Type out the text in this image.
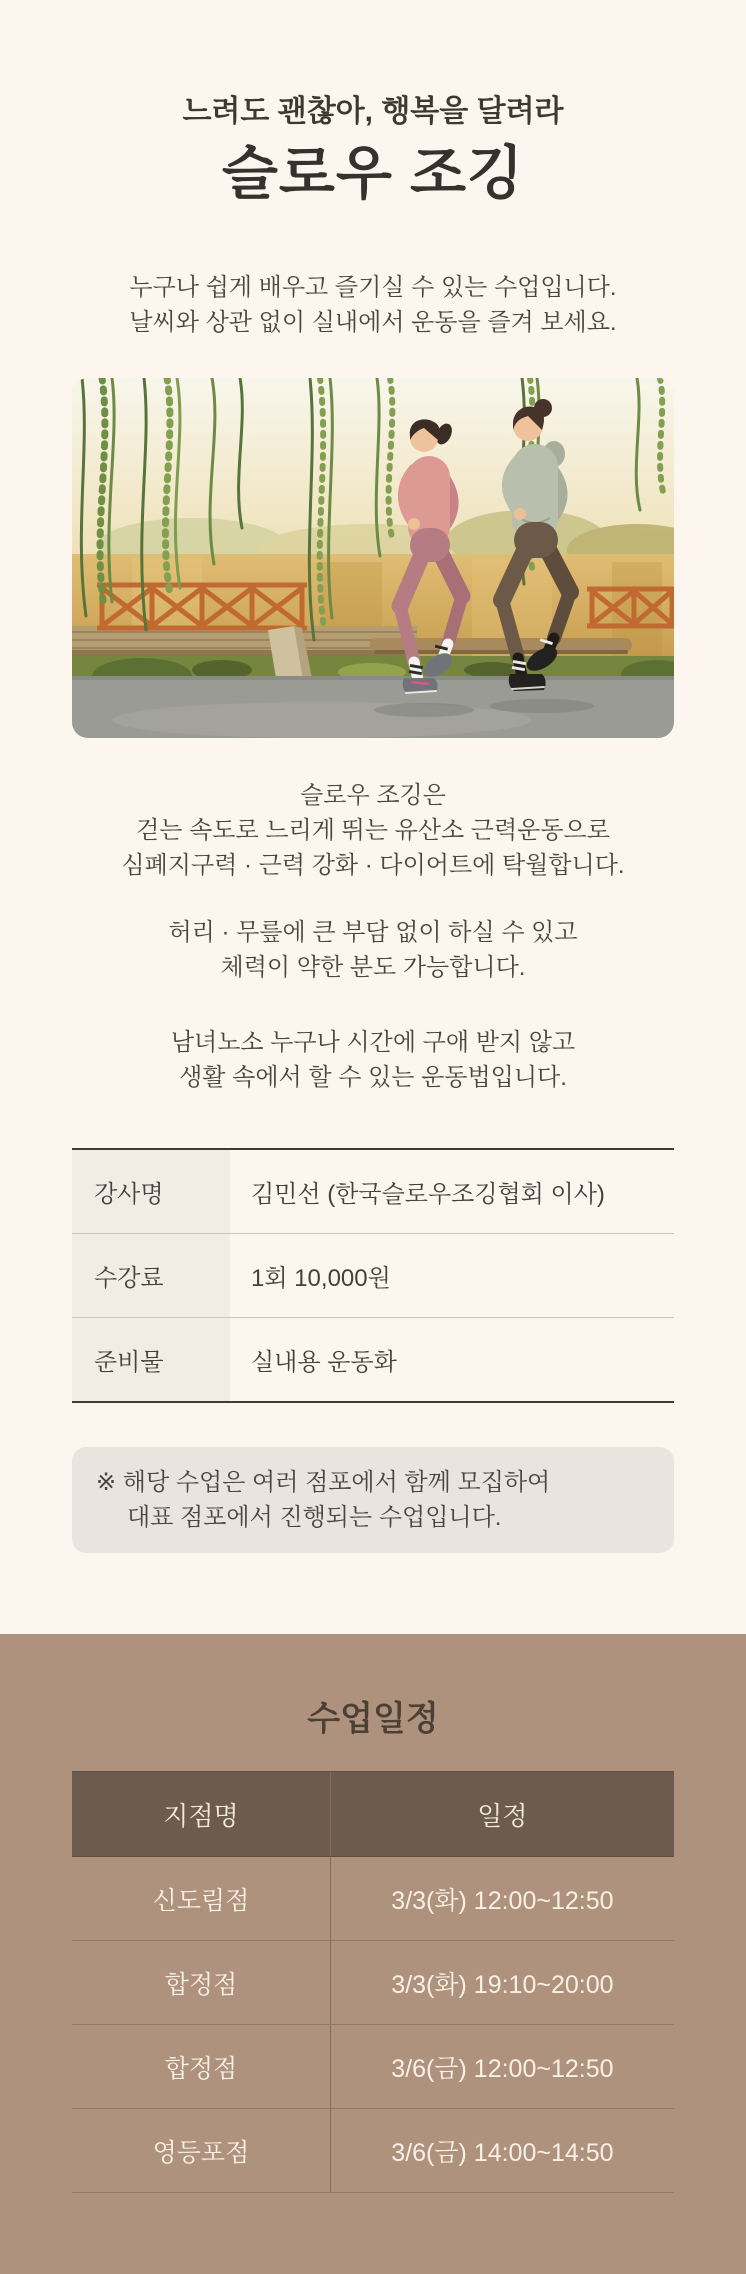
느려도 괜찮아, 행복을 달려라
슬로우 조깅

누구나 쉽게 배우고 즐기실 수 있는 수업입니다.
날씨와 상관 없이 실내에서 운동을 즐겨 보세요.

슬로우 조깅은
걷는 속도로 느리게 뛰는 유산소 근력운동으로
심폐지구력 · 근력 강화 · 다이어트에 탁월합니다.
허리 · 무릎에 큰 부담 없이 하실 수 있고
체력이 약한 분도 가능합니다.
남녀노소 누구나 시간에 구애 받지 않고
생활 속에서 할 수 있는 운동법입니다.
강사명	김민선 (한국슬로우조깅협회 이사)
수강료	1회 10,000원
준비물	실내용 운동화
※ 해당 수업은 여러 점포에서 함께 모집하여
대표 점포에서 진행되는 수업입니다.
수업일정
지점명	일정
신도림점	3/3(화) 12:00~12:50
합정점	3/3(화) 19:10~20:00
합정점	3/6(금) 12:00~12:50
영등포점	3/6(금) 14:00~14:50
